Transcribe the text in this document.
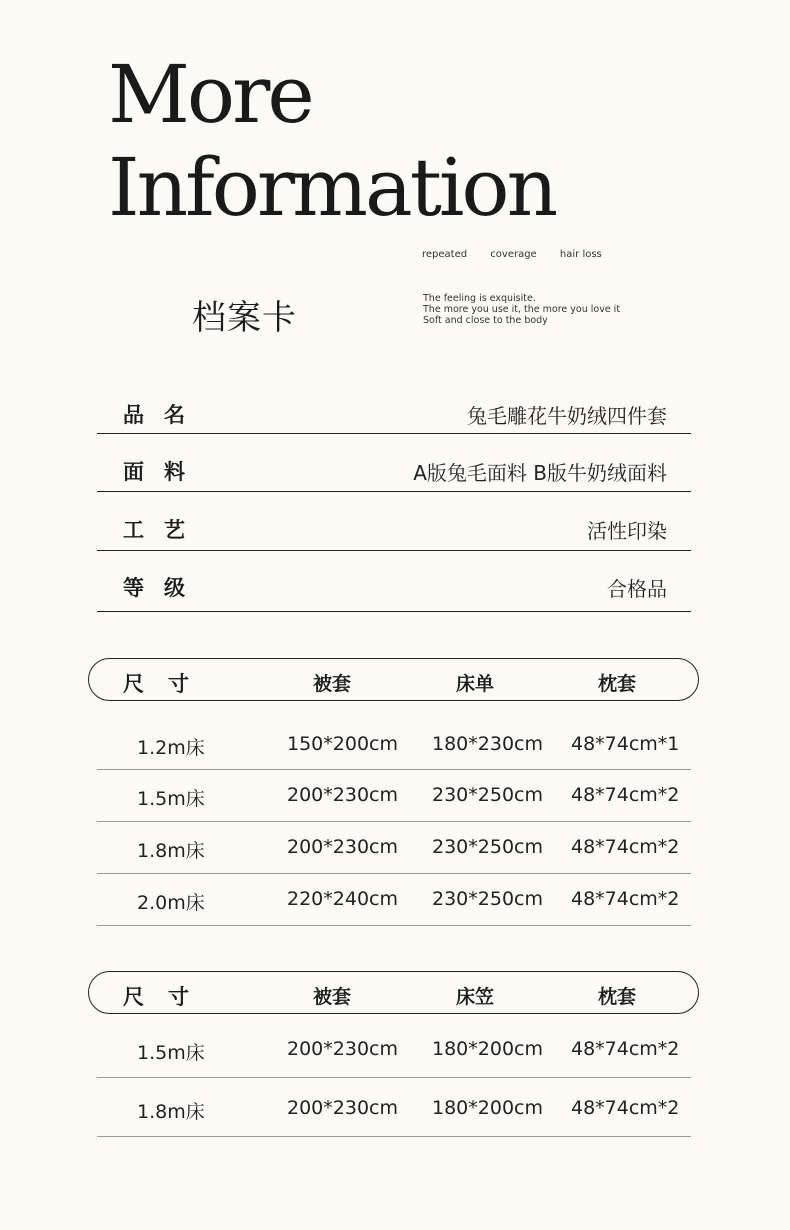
More
Information
repeated coverage hair loss
档案卡	The feeling is exquisite.
The more you use it, the more you love it
Soft and close to the body
品名	兔毛雕花牛奶绒四件套
面料	A版兔毛面料 B版牛奶绒面料
工艺	活性印染
等级	合格品
尺寸	被套	床单	枕套
1.2m床	150*200cm 180*230cm 48*74cm*1
1.5m床	200*230cm 230*250cm 48*74cm*2
1.8m床	200*230cm 230*250cm 48*74cm*2
2.0m床	220*240cm 230*250cm 48*74cm*2
尺寸	被套	床笠	枕套
1.5m床	200*230cm 180*200cm 48*74cm*2
1.8m床	200*230cm 180*200cm 48*74cm*2
